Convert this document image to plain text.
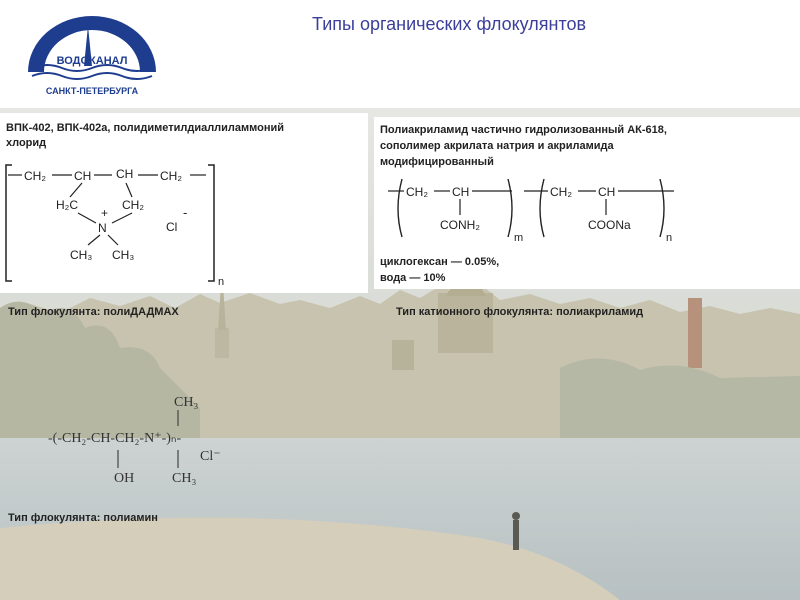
ВОДОКАНАЛ
САНКТ-ПЕТЕРБУРГА
Типы органических флокулянтов
ВПК-402, ВПК-402а, полидиметилдиаллиламмоний
хлорид
CH₂ CH CH CH₂
H₂C	CH₂
+
N
CH₃ CH₃
-
Cl
n
Полиакриламид частично гидролизованный АК-618,
сополимер акрилата натрия и акриламида
модифицированный
CH₂ CH
CONH₂
m
CH₂ CH
COONa
n
циклогексан — 0.05%,
вода — 10%
Тип флокулянта: полиДАДМАХ	Тип катионного флокулянта: полиакриламид
Тип флокулянта: полиамин
CH₃
-(-CH₂-CH-CH₂-N⁺-)ₙ-
Cl⁻
OH	CH₃
